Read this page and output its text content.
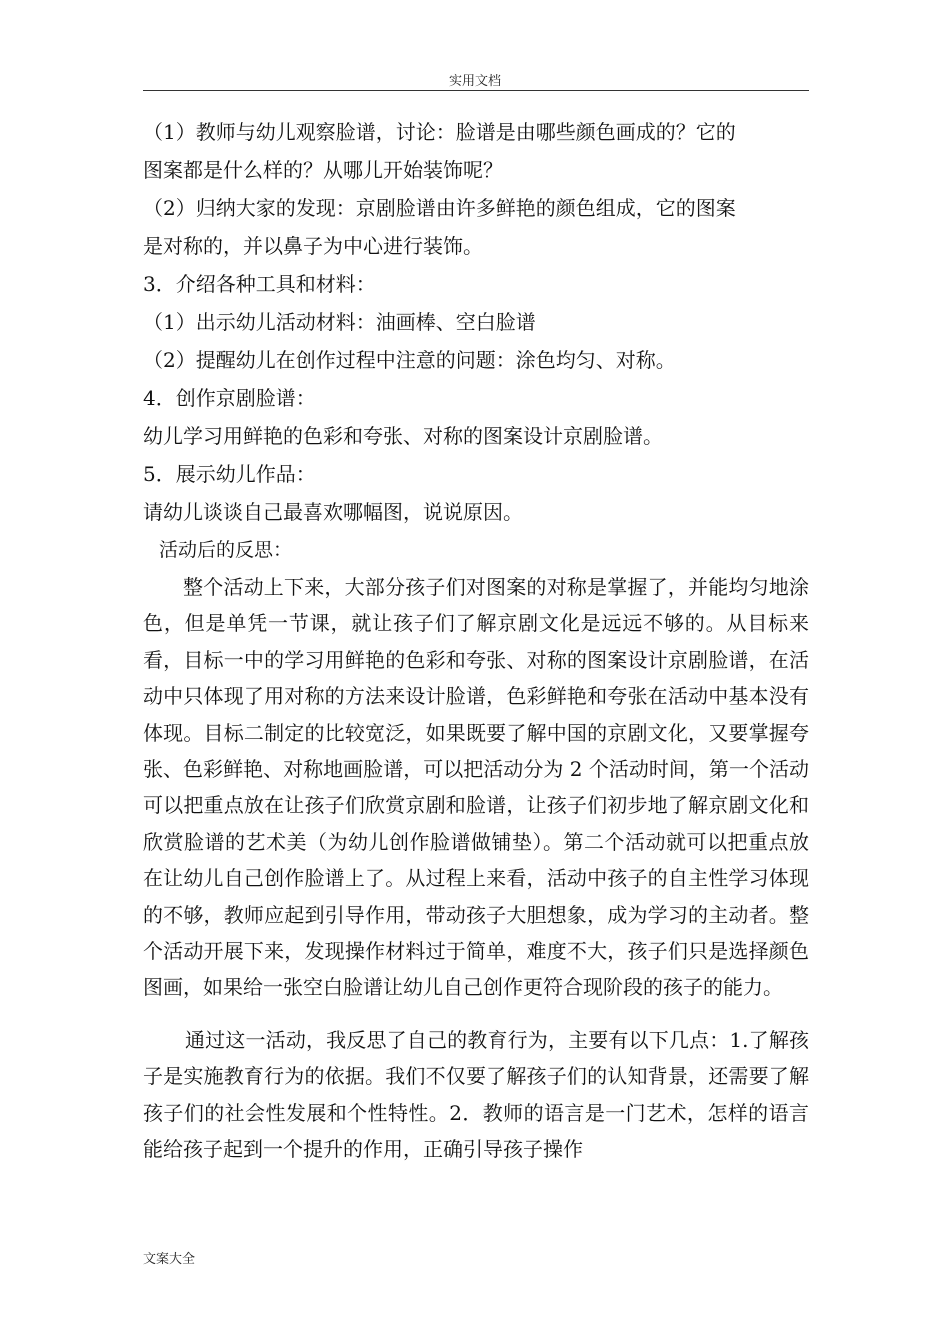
实用文档
（1）教师与幼儿观察脸谱，讨论：脸谱是由哪些颜色画成的？它的
图案都是什么样的？从哪儿开始装饰呢？
（2）归纳大家的发现：京剧脸谱由许多鲜艳的颜色组成，它的图案
是对称的，并以鼻子为中心进行装饰。
3．介绍各种工具和材料：
（1）出示幼儿活动材料：油画棒、空白脸谱
（2）提醒幼儿在创作过程中注意的问题：涂色均匀、对称。
4．创作京剧脸谱：
幼儿学习用鲜艳的色彩和夸张、对称的图案设计京剧脸谱。
5．展示幼儿作品：
请幼儿谈谈自己最喜欢哪幅图，说说原因。
活动后的反思：
整个活动上下来，大部分孩子们对图案的对称是掌握了，并能均匀地涂色，但是单凭一节课，就让孩子们了解京剧文化是远远不够的。从目标来看，目标一中的学习用鲜艳的色彩和夸张、对称的图案设计京剧脸谱，在活动中只体现了用对称的方法来设计脸谱，色彩鲜艳和夸张在活动中基本没有体现。目标二制定的比较宽泛，如果既要了解中国的京剧文化，又要掌握夸张、色彩鲜艳、对称地画脸谱，可以把活动分为 2 个活动时间，第一个活动可以把重点放在让孩子们欣赏京剧和脸谱，让孩子们初步地了解京剧文化和欣赏脸谱的艺术美（为幼儿创作脸谱做铺垫）。第二个活动就可以把重点放在让幼儿自己创作脸谱上了。从过程上来看，活动中孩子的自主性学习体现的不够，教师应起到引导作用，带动孩子大胆想象，成为学习的主动者。整个活动开展下来，发现操作材料过于简单，难度不大，孩子们只是选择颜色图画，如果给一张空白脸谱让幼儿自己创作更符合现阶段的孩子的能力。
通过这一活动，我反思了自己的教育行为，主要有以下几点：1.了解孩子是实施教育行为的依据。我们不仅要了解孩子们的认知背景，还需要了解孩子们的社会性发展和个性特性。2．教师的语言是一门艺术，怎样的语言能给孩子起到一个提升的作用，正确引导孩子操作
文案大全
